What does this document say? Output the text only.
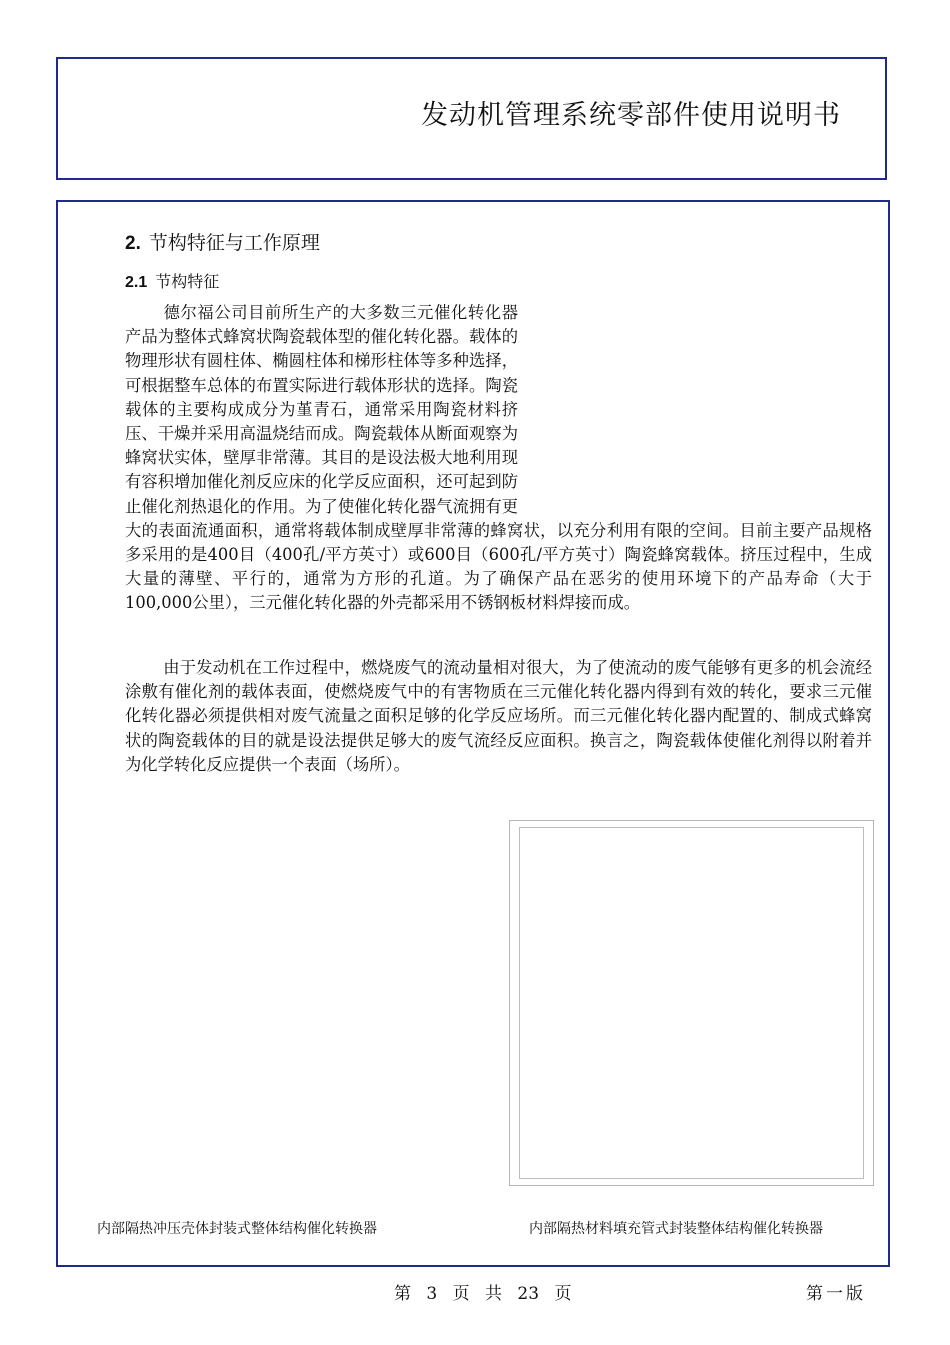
发动机管理系统零部件使用说明书
2. 节构特征与工作原理
2.1 节构特征
德尔福公司目前所生产的大多数三元催化转化器产品为整体式蜂窝状陶瓷载体型的催化转化器。载体的物理形状有圆柱体、椭圆柱体和梯形柱体等多种选择，可根据整车总体的布置实际进行载体形状的选择。陶瓷载体的主要构成成分为堇青石，通常采用陶瓷材料挤压、干燥并采用高温烧结而成。陶瓷载体从断面观察为蜂窝状实体，壁厚非常薄。其目的是设法极大地利用现有容积增加催化剂反应床的化学反应面积，还可起到防止催化剂热退化的作用。为了使催化转化器气流拥有更大的表面流通面积，通常将载体制成壁厚非常薄的蜂窝状，以充分利用有限的空间。目前主要产品规格多采用的是400目（400孔/平方英寸）或600目（600孔/平方英寸）陶瓷蜂窝载体。挤压过程中，生成大量的薄壁、平行的，通常为方形的孔道。为了确保产品在恶劣的使用环境下的产品寿命（大于100,000公里），三元催化转化器的外壳都采用不锈钢板材料焊接而成。
由于发动机在工作过程中，燃烧废气的流动量相对很大，为了使流动的废气能够有更多的机会流经涂敷有催化剂的载体表面，使燃烧废气中的有害物质在三元催化转化器内得到有效的转化，要求三元催化转化器必须提供相对废气流量之面积足够的化学反应场所。而三元催化转化器内配置的、制成式蜂窝状的陶瓷载体的目的就是设法提供足够大的废气流经反应面积。换言之，陶瓷载体使催化剂得以附着并为化学转化反应提供一个表面（场所）。
内部隔热冲压壳体封装式整体结构催化转换器	内部隔热材料填充管式封装整体结构催化转换器
第 3 页 共 23 页	第一版
